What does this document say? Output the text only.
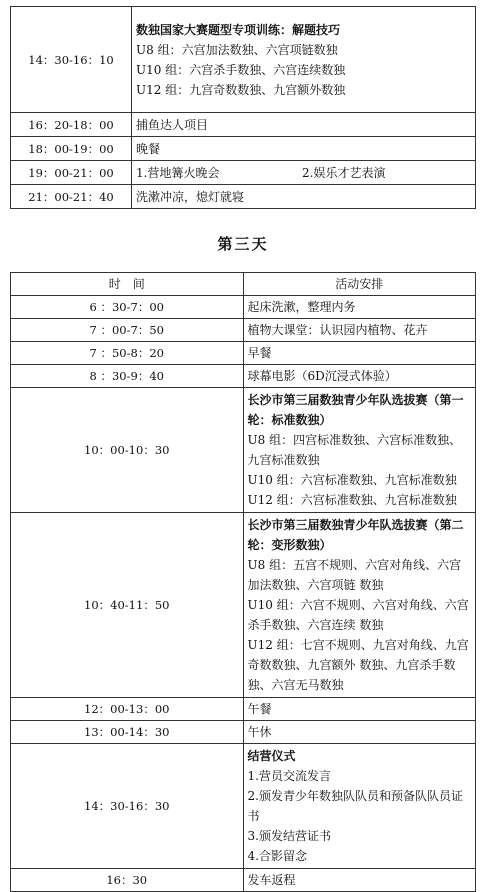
14：30-16：10	数独国家大赛题型专项训练：解题技巧
U8 组：六宫加法数独、六宫项链数独
U10 组：六宫杀手数独、六宫连续数独
U12 组：九宫奇数数独、九宫额外数独

16：20-18：00	捕鱼达人项目
18：00-19：00	晚餐
19：00-21：00	1.营地篝火晚会 2.娱乐才艺表演

21：00-21：40	洗漱冲凉，熄灯就寝
第三天
时　间	活动安排
6 ：30-7：00	起床洗漱，整理内务
7 ：00-7：50	植物大课堂：认识园内植物、花卉
7 ：50-8：20	早餐
8 ：30-9：40	球幕电影（6D沉浸式体验）
10：00-10：30	长沙市第三届数独青少年队选拔赛（第一轮：标准数独）
U8 组：四宫标准数独、六宫标准数独、九宫标准数独
U10 组：六宫标准数独、九宫标准数独
U12 组：六宫标准数独、九宫标准数独

10：40-11：50	长沙市第三届数独青少年队选拔赛（第二轮：变形数独）
U8 组：五宫不规则、六宫对角线、六宫加法数独、六宫项链 数独
U10 组：六宫不规则、六宫对角线、六宫杀手数独、六宫连续 数独
U12 组：七宫不规则、九宫对角线、九宫奇数数独、九宫额外 数独、九宫杀手数独、六宫无马数独

12：00-13：00	午餐
13：00-14：30	午休
14：30-16：30	结营仪式
1.营员交流发言
2.颁发青少年数独队队员和预备队队员证书
3.颁发结营证书
4.合影留念

16：30	发车返程
